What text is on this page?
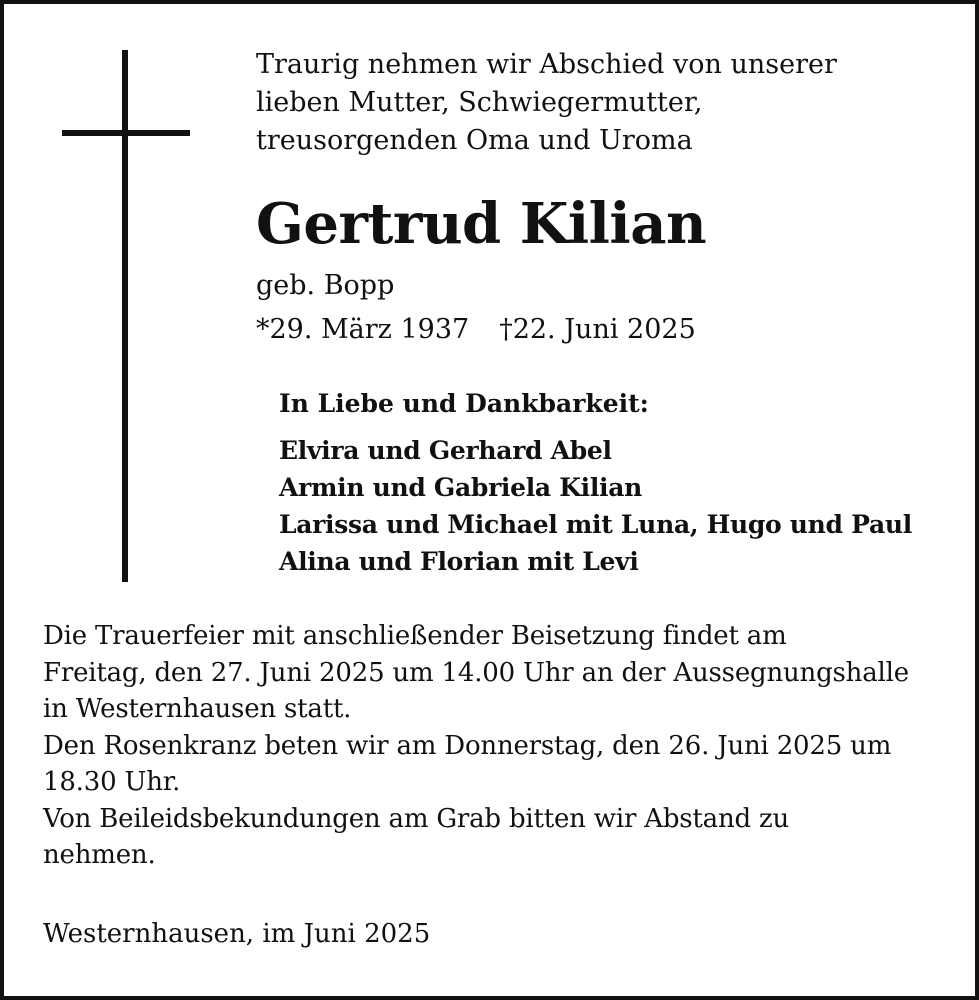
Traurig nehmen wir Abschied von unserer
lieben Mutter, Schwiegermutter,
treusorgenden Oma und Uroma
Gertrud Kilian
geb. Bopp
*29. März 1937 †22. Juni 2025
In Liebe und Dankbarkeit:
Elvira und Gerhard Abel
Armin und Gabriela Kilian
Larissa und Michael mit Luna, Hugo und Paul
Alina und Florian mit Levi
Die Trauerfeier mit anschließender Beisetzung findet am
Freitag, den 27. Juni 2025 um 14.00 Uhr an der Aussegnungshalle
in Westernhausen statt.
Den Rosenkranz beten wir am Donnerstag, den 26. Juni 2025 um
18.30 Uhr.
Von Beileidsbekundungen am Grab bitten wir Abstand zu
nehmen.
Westernhausen, im Juni 2025
